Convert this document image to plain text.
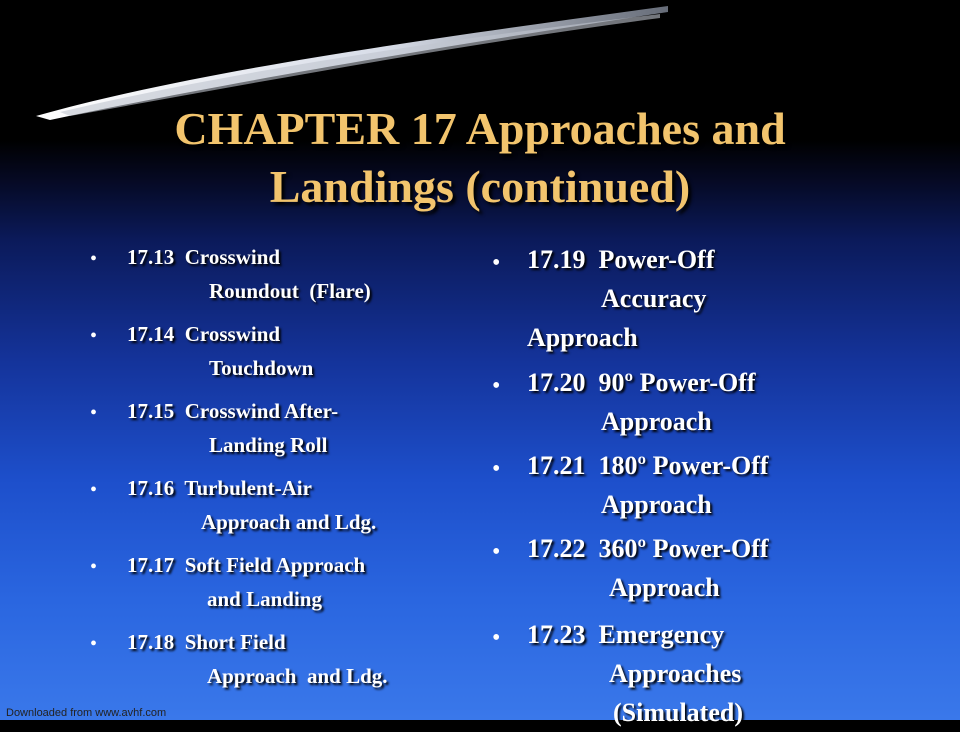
CHAPTER 17 Approaches and
Landings (continued)
• 17.13  Crosswind
Roundout  (Flare)
• 17.14  Crosswind
Touchdown
• 17.15  Crosswind After-
Landing Roll
• 17.16  Turbulent-Air
Approach and Ldg.
• 17.17  Soft Field Approach
and Landing
• 17.18  Short Field
Approach  and Ldg.
• 17.19  Power-Off
Accuracy
Approach
• 17.20  90º Power-Off
Approach
• 17.21  180º Power-Off
Approach
• 17.22  360º Power-Off
Approach
• 17.23  Emergency
Approaches
(Simulated)
Downloaded from www.avhf.com
